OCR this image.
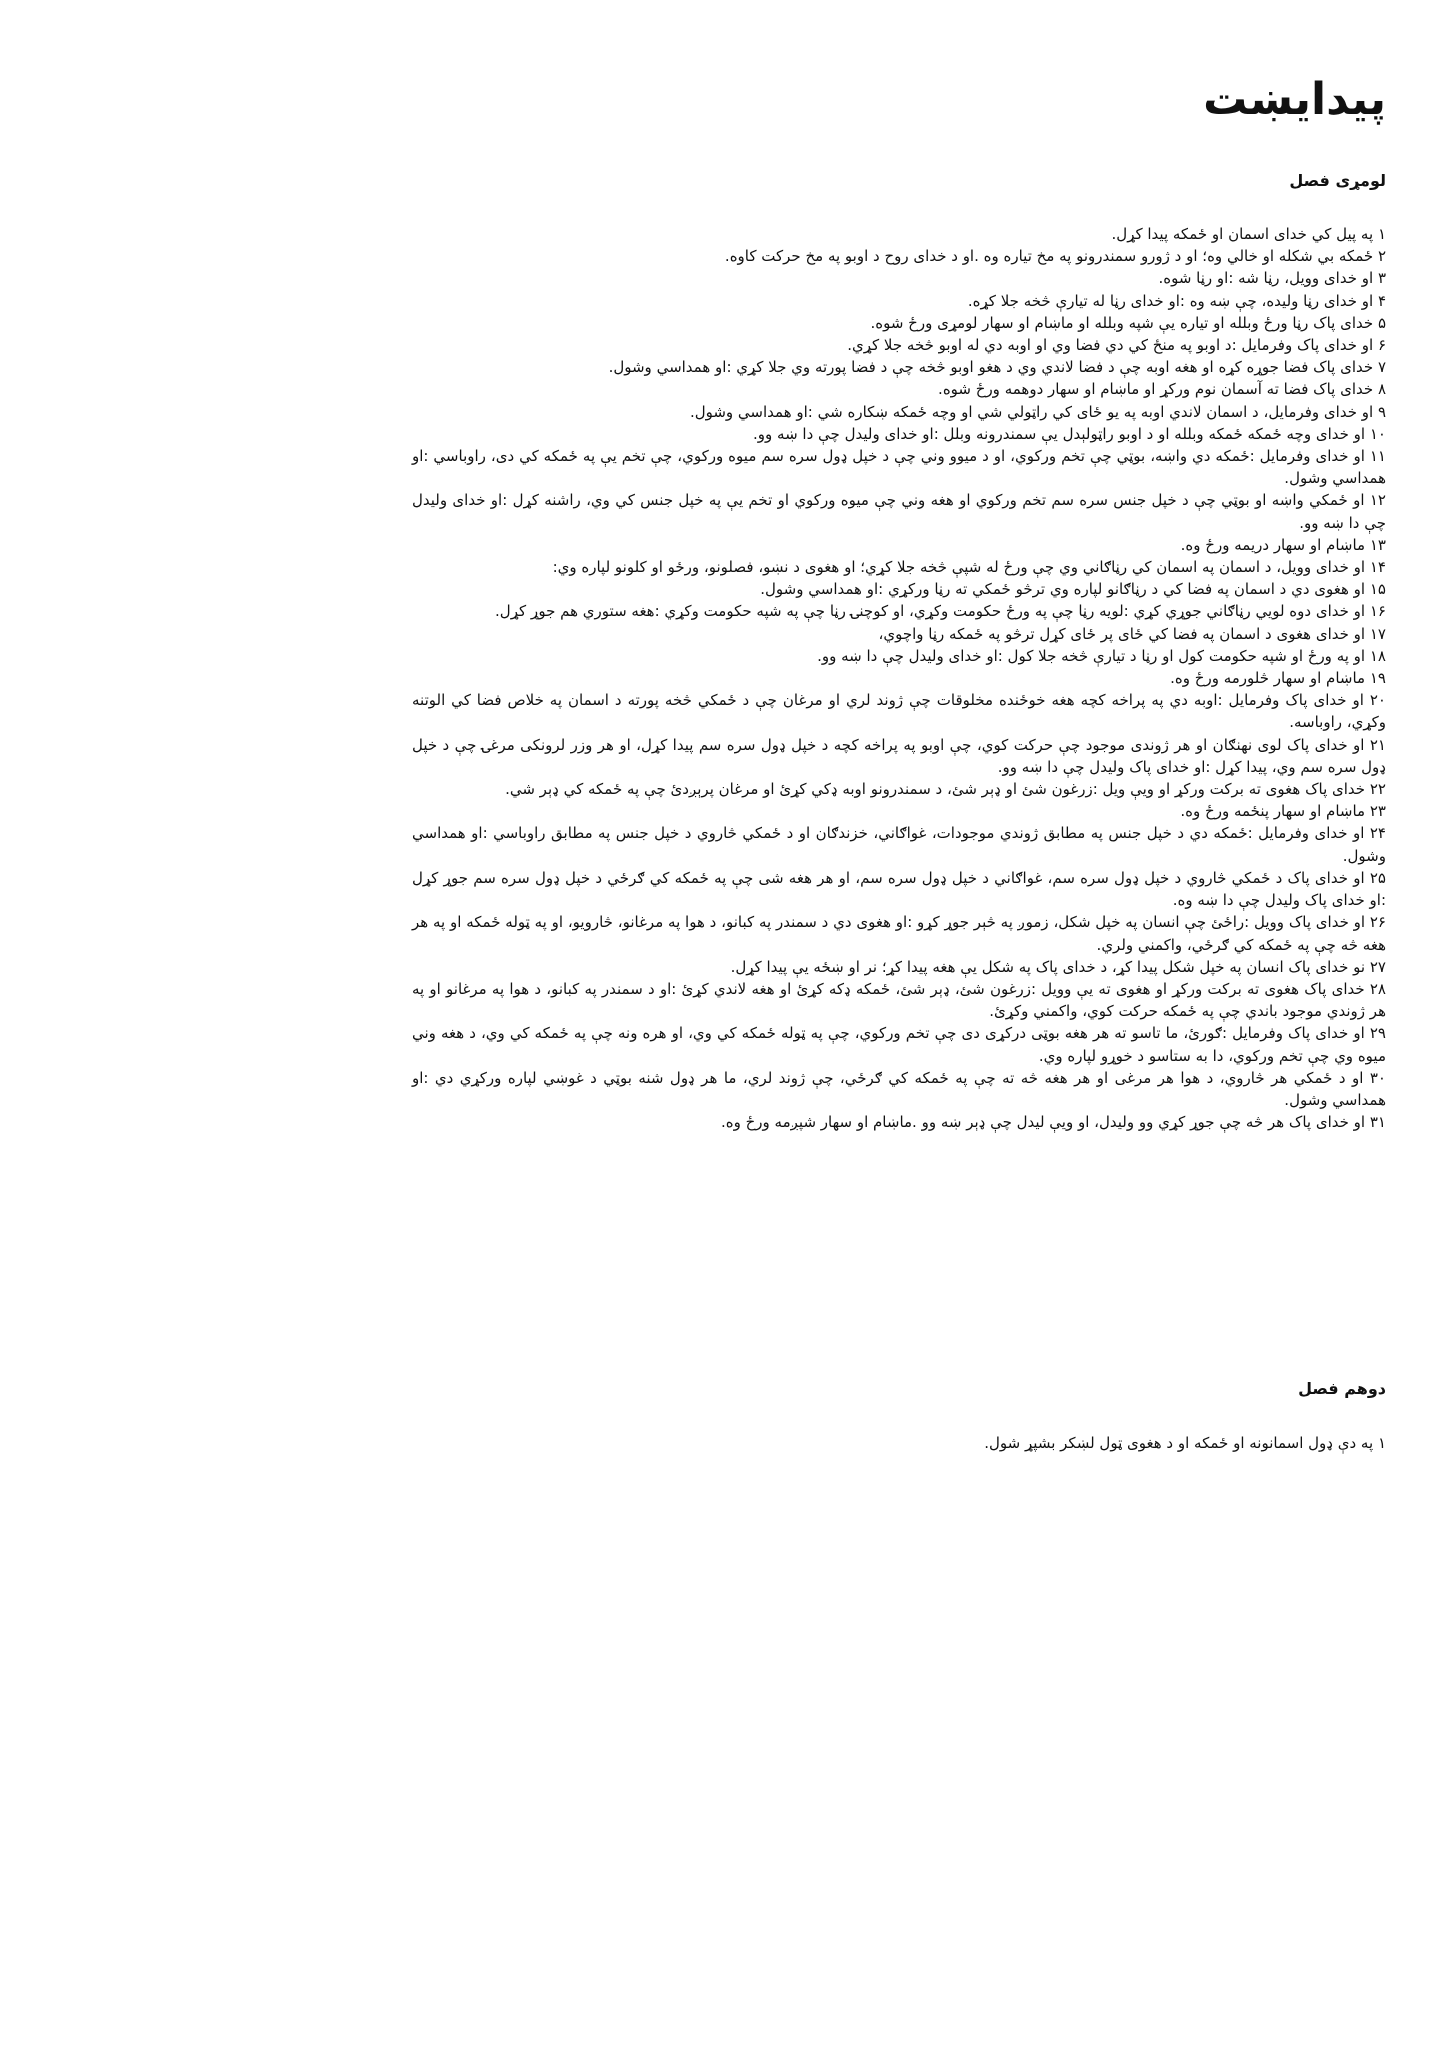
پيدايښت
لومړی فصل
۱ په پيل کي خدای اسمان او ځمکه پيدا کړل.
۲ ځمکه بي شکله او خالي وه؛ او د ژورو سمندرونو په مخ تياره وه .او د خدای روح د اوبو په مخ حرکت کاوه.
۳ او خدای وويل، رڼا شه :او رڼا شوه.
۴ او خدای رڼا وليده، چې ښه وه :او خدای رڼا له تيارې څخه جلا کړه.
۵ خدای پاک رڼا ورځ وبلله او تياره يې شپه وبلله او ماښام او سهار لومړی ورځ شوه.
۶ او خدای پاک وفرمايل :د اوبو په منځ کي دي فضا وي او اوبه دي له اوبو څخه جلا کړي.
۷ خدای پاک فضا جوړه کړه او هغه اوبه چې د فضا لاندي وي د هغو اوبو څخه چې د فضا پورته وي جلا کړي :او همداسي وشول.
۸ خدای پاک فضا ته آسمان نوم ورکړ او ماښام او سهار دوهمه ورځ شوه.
۹ او خدای وفرمايل، د اسمان لاندي اوبه په يو ځای کي راټولي شي او وچه ځمکه ښکاره شي :او همداسي وشول.
۱۰ او خدای وچه ځمکه ځمکه وبلله او د اوبو راټولېدل يې سمندرونه وبلل :او خدای وليدل چې دا ښه وو.
۱۱ او خدای وفرمايل :ځمکه دي واښه، بوټي چې تخم ورکوي، او د ميوو وني چې د خپل ډول سره سم ميوه ورکوي، چې تخم يې په ځمکه کي دی، راوباسي :او همداسي وشول.
۱۲ او ځمکي واښه او بوټي چې د خپل جنس سره سم تخم ورکوي او هغه وني چې ميوه ورکوي او تخم يې په خپل جنس کي وي، راشنه کړل :او خدای وليدل چې دا ښه وو.
۱۳ ماښام او سهار دريمه ورځ وه.
۱۴ او خدای وويل، د اسمان په اسمان کي رڼاګاني وي چې ورځ له شپې څخه جلا کړي؛ او هغوی د نښو، فصلونو، ورځو او کلونو لپاره وي:
۱۵ او هغوی دي د اسمان په فضا کي د رڼاګانو لپاره وي ترڅو ځمکي ته رڼا ورکړي :او همداسي وشول.
۱۶ او خدای دوه لويي رڼاګاني جوړي کړي :لويه رڼا چې په ورځ حکومت وکړي، او کوچنۍ رڼا چې په شپه حکومت وکړي :هغه ستوري هم جوړ کړل.
۱۷ او خدای هغوی د اسمان په فضا کي ځای پر ځای کړل ترڅو په ځمکه رڼا واچوي،
۱۸ او په ورځ او شپه حکومت کول او رڼا د تيارې څخه جلا کول :او خدای وليدل چې دا ښه وو.
۱۹ ماښام او سهار څلورمه ورځ وه.
۲۰ او خدای پاک وفرمايل :اوبه دي په پراخه کچه هغه خوځنده مخلوقات چې ژوند لري او مرغان چې د ځمکي څخه پورته د اسمان په خلاص فضا کي الوتنه وکړي، راوباسه.
۲۱ او خدای پاک لوی نهنګان او هر ژوندی موجود چې حرکت کوي، چې اوبو په پراخه کچه د خپل ډول سره سم پيدا کړل، او هر وزر لرونکی مرغۍ چې د خپل ډول سره سم وي، پيدا کړل :او خدای پاک وليدل چې دا ښه وو.
۲۲ خدای پاک هغوی ته برکت ورکړ او ويې ويل :زرغون شئ او ډېر شئ، د سمندرونو اوبه ډکي کړئ او مرغان پرېږدئ چې په ځمکه کي ډېر شي.
۲۳ ماښام او سهار پنځمه ورځ وه.
۲۴ او خدای وفرمايل :ځمکه دي د خپل جنس په مطابق ژوندي موجودات، غواګاني، خزندګان او د ځمکي څاروي د خپل جنس په مطابق راوباسي :او همداسي وشول.
۲۵ او خدای پاک د ځمکي څاروي د خپل ډول سره سم، غواګاني د خپل ډول سره سم، او هر هغه شی چې په ځمکه کي ګرځي د خپل ډول سره سم جوړ کړل :او خدای پاک وليدل چې دا ښه وه.
۲۶ او خدای پاک وويل :راځئ چې انسان په خپل شکل، زموږ په څېر جوړ کړو :او هغوی دي د سمندر په کبانو، د هوا په مرغانو، څارويو، او په ټوله ځمکه او په هر هغه څه چې په ځمکه کي ګرځي، واکمني ولري.
۲۷ نو خدای پاک انسان په خپل شکل پيدا کړ، د خدای پاک په شکل يې هغه پيدا کړ؛ نر او ښځه يې پيدا کړل.
۲۸ خدای پاک هغوی ته برکت ورکړ او هغوی ته يې وويل :زرغون شئ، ډېر شئ، ځمکه ډکه کړئ او هغه لاندي کړئ :او د سمندر په کبانو، د هوا په مرغانو او په هر ژوندي موجود باندي چې په ځمکه حرکت کوي، واکمني وکړئ.
۲۹ او خدای پاک وفرمايل :ګورئ، ما تاسو ته هر هغه بوټی درکړی دی چې تخم ورکوي، چې په ټوله ځمکه کي وي، او هره ونه چې په ځمکه کي وي، د هغه وني ميوه وي چې تخم ورکوي، دا به ستاسو د خوړو لپاره وي.
۳۰ او د ځمکي هر څاروي، د هوا هر مرغی او هر هغه څه ته چې په ځمکه کي ګرځي، چې ژوند لري، ما هر ډول شنه بوټي د غوښي لپاره ورکړي دي :او همداسي وشول.
۳۱ او خدای پاک هر څه چې جوړ کړي وو وليدل، او ويې ليدل چې ډېر ښه وو .ماښام او سهار شپږمه ورځ وه.
دوهم فصل
۱ په دې ډول اسمانونه او ځمکه او د هغوی ټول لښکر بشپړ شول.
